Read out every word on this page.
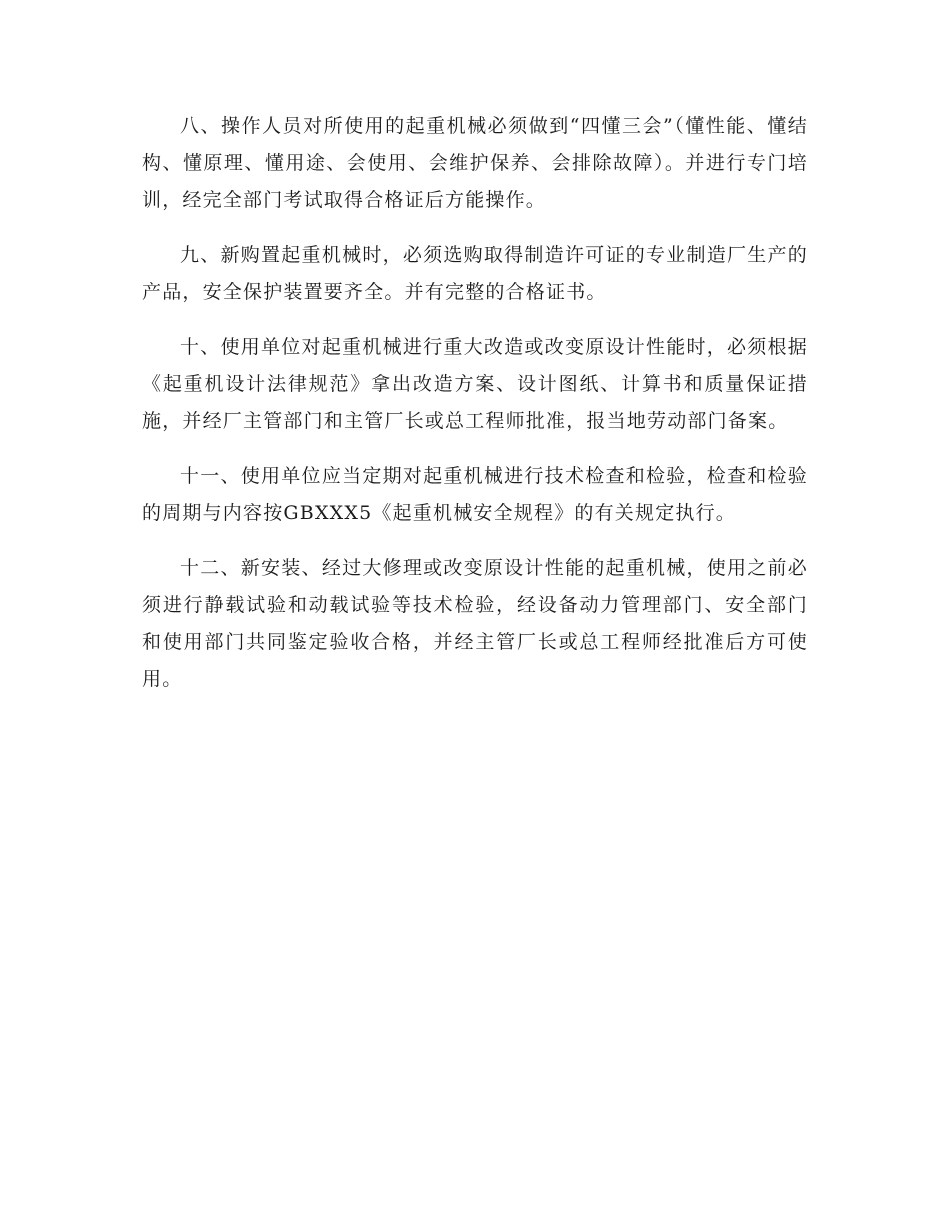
八、操作人员对所使用的起重机械必须做到“四懂三会”（懂性能、懂结构、懂原理、懂用途、会使用、会维护保养、会排除故障）。并进行专门培训，经完全部门考试取得合格证后方能操作。

九、新购置起重机械时，必须选购取得制造许可证的专业制造厂生产的产品，安全保护装置要齐全。并有完整的合格证书。

十、使用单位对起重机械进行重大改造或改变原设计性能时，必须根据《起重机设计法律规范》拿出改造方案、设计图纸、计算书和质量保证措施，并经厂主管部门和主管厂长或总工程师批准，报当地劳动部门备案。

十一、使用单位应当定期对起重机械进行技术检查和检验，检查和检验的周期与内容按GBXXX5《起重机械安全规程》的有关规定执行。

十二、新安装、经过大修理或改变原设计性能的起重机械，使用之前必须进行静载试验和动载试验等技术检验，经设备动力管理部门、安全部门和使用部门共同鉴定验收合格，并经主管厂长或总工程师经批准后方可使用。
